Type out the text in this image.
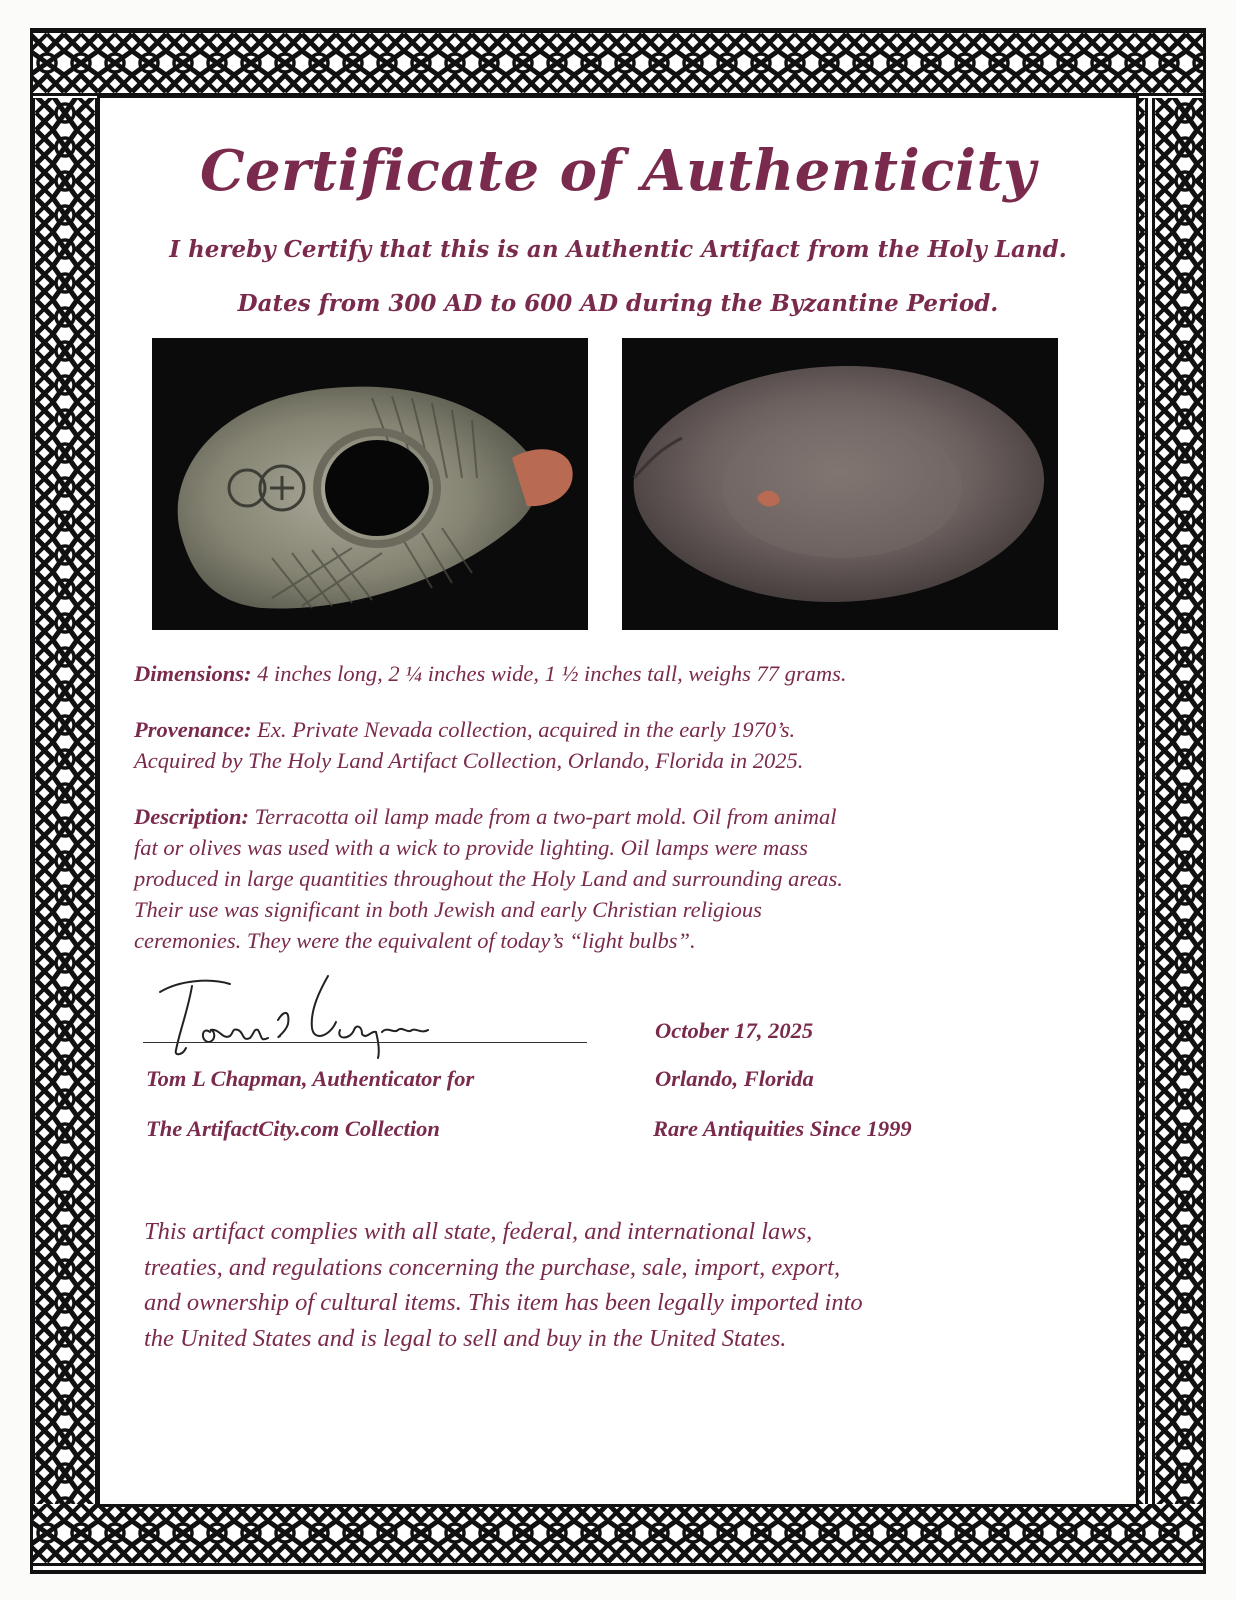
Certificate of Authenticity
I hereby Certify that this is an Authentic Artifact from the Holy Land.
Dates from 300 AD to 600 AD during the Byzantine Period.
Dimensions: 4 inches long, 2 ¼ inches wide, 1 ½ inches tall, weighs 77 grams.
Provenance: Ex. Private Nevada collection, acquired in the early 1970’s.
Acquired by The Holy Land Artifact Collection, Orlando, Florida in 2025.
Description: Terracotta oil lamp made from a two-part mold. Oil from animal
fat or olives was used with a wick to provide lighting. Oil lamps were mass
produced in large quantities throughout the Holy Land and surrounding areas.
Their use was significant in both Jewish and early Christian religious
ceremonies. They were the equivalent of today’s “light bulbs”.
Tom L Chapman, Authenticator for
The ArtifactCity.com Collection
October 17, 2025
Orlando, Florida
Rare Antiquities Since 1999
This artifact complies with all state, federal, and international laws,
treaties, and regulations concerning the purchase, sale, import, export,
and ownership of cultural items. This item has been legally imported into
the United States and is legal to sell and buy in the United States.
